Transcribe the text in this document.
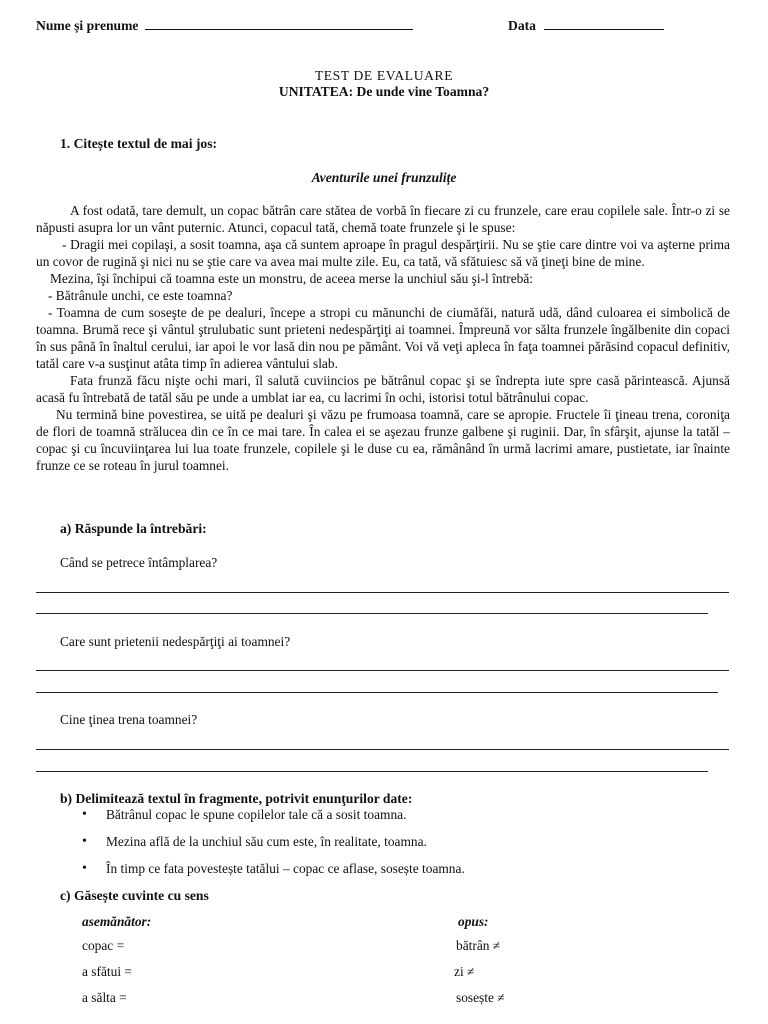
Nume și prenume	Data
TEST DE EVALUARE
UNITATEA: De unde vine Toamna?
1. Citește textul de mai jos:
Aventurile unei frunzulițe

A fost odată, tare demult, un copac bătrân care stătea de vorbă în fiecare zi cu frunzele, care erau copilele sale. Într-o zi se năpusti asupra lor un vânt puternic. Atunci, copacul tată, chemă toate frunzele şi le spuse:

- Dragii mei copilaşi, a sosit toamna, aşa că suntem aproape în pragul despărţirii. Nu se ştie care dintre voi va aşterne prima un covor de rugină şi nici nu se ştie care va avea mai multe zile. Eu, ca tată, vă sfătuiesc să vă ţineţi bine de mine.

Mezina, îşi închipui că toamna este un monstru, de aceea merse la unchiul său şi-l întrebă:

- Bătrânule unchi, ce este toamna?

- Toamna de cum soseşte de pe dealuri, începe a stropi cu mănunchi de ciumăfăi, natură udă, dând culoarea ei simbolică de toamna. Brumă rece şi vântul ştrulubatic sunt prieteni nedespărţiţi ai toamnei. Împreună vor sălta frunzele îngălbenite din copaci în sus până în înaltul cerului, iar apoi le vor lasă din nou pe pământ. Voi vă veţi apleca în faţa toamnei părăsind copacul definitiv, tatăl care v-a susţinut atâta timp în adierea vântului slab.

Fata frunză făcu nişte ochi mari, îl salută cuviincios pe bătrânul copac şi se îndrepta iute spre casă părintească. Ajunsă acasă fu întrebată de tatăl său pe unde a umblat iar ea, cu lacrimi în ochi, istorisi totul bătrânului copac.

Nu termină bine povestirea, se uită pe dealuri şi văzu pe frumoasa toamnă, care se apropie. Fructele îi ţineau trena, coroniţa de flori de toamnă strălucea din ce în ce mai tare. În calea ei se aşezau frunze galbene şi ruginii. Dar, în sfârşit, ajunse la tatăl – copac şi cu încuviinţarea lui lua toate frunzele, copilele şi le duse cu ea, rămânând în urmă lacrimi amare, pustietate, iar înainte frunze ce se roteau în jurul toamnei.

a) Răspunde la întrebări:
Când se petrece întâmplarea?
Care sunt prietenii nedespărţiţi ai toamnei?
Cine ţinea trena toamnei?
b) Delimitează textul în fragmente, potrivit enunţurilor date:
• Bătrânul copac le spune copilelor tale că a sosit toamna.
• Mezina află de la unchiul său cum este, în realitate, toamna.
• În timp ce fata povestește tatălui – copac ce aflase, sosește toamna.
c) Găsește cuvinte cu sens
asemănător:	opus:
copac =
a sfătui =
a sălta =
bătrân ≠
zi ≠
sosește ≠
